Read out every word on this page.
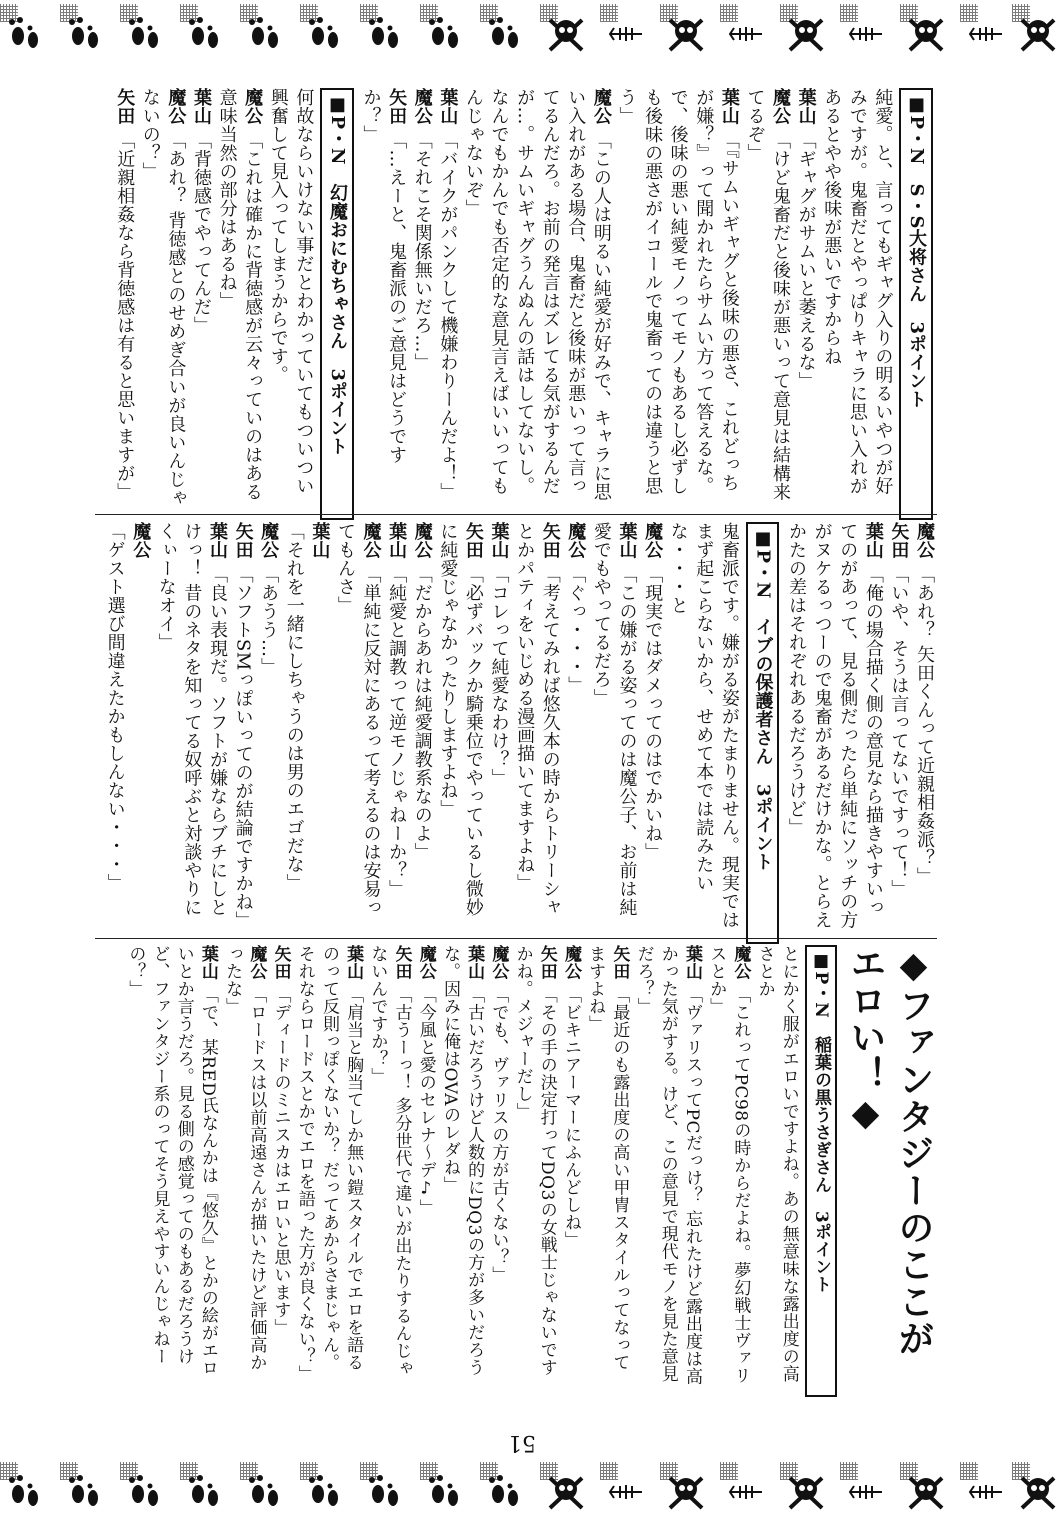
■P・N　S・S大将さん　3ポイント
純愛。と、言ってもギャグ入りの明るいやつが好みですが。鬼畜だとやっぱりキャラに思い入れがあるとやや後味が悪いですからね
葉山「ギャグがサムいと萎えるな」
魔公「けど鬼畜だと後味が悪いって意見は結構来てるぞ」
葉山「『サムいギャグと後味の悪さ、これどっちが嫌？』って聞かれたらサムい方って答えるな。で、後味の悪い純愛モノってモノもあるし必ずしも後味の悪さがイコールで鬼畜ってのは違うと思う」
魔公「この人は明るい純愛が好みで、キャラに思い入れがある場合、鬼畜だと後味が悪いって言ってるんだろ。お前の発言はズレてる気がするんだが…。サムいギャグうんぬんの話はしてないし。なんでもかんでも否定的な意見言えばいいってもんじゃないぞ」
葉山「バイクがパンクして機嫌わりーんだよ！」
魔公「それこそ関係無いだろ…」
矢田「…えーと、鬼畜派のご意見はどうですか？」
■P・N　幻魔おにむちゃさん　3ポイント
何故ならいけない事だとわかっていてもついつい興奮して見入ってしまうからです。
魔公「これは確かに背徳感が云々っていのはある意味当然の部分はあるね」
葉山「背徳感でやってんだ」
魔公「あれ？ 背徳感とのせめぎ合いが良いんじゃないの？」
矢田「近親相姦なら背徳感は有ると思いますが」
魔公「あれ？ 矢田くんって近親相姦派？」
矢田「いや、そうは言ってないですって！」
葉山「俺の場合描く側の意見なら描きやすいってのがあって、見る側だったら単純にソッチの方がヌケるっつーので鬼畜があるだけかな。とらえかたの差はそれぞれあるだろうけど」
■P・N　イブの保護者さん　3ポイント
鬼畜派です。嫌がる姿がたまりません。現実ではまず起こらないから、せめて本では読みたいな・・・と
魔公「現実ではダメってのはでかいね」
葉山「この嫌がる姿ってのは魔公子、お前は純愛でもやってるだろ」
魔公「ぐっ・・・」
矢田「考えてみれば悠久本の時からトリーシャとかパティをいじめる漫画描いてますよね」
葉山「コレって純愛なわけ？」
矢田「必ずバックか騎乗位でやっているし微妙に純愛じゃなかったりしますよね」
魔公「だからあれは純愛調教系なのよ」
葉山「純愛と調教って逆モノじゃねーか？」
魔公「単純に反対にあるって考えるのは安易ってもんさ」
葉山「それを一緒にしちゃうのは男のエゴだな」
魔公「あうう…」
矢田「ソフトSMっぽいってのが結論ですかね」
葉山「良い表現だ。ソフトが嫌ならブチにしとけっ！ 昔のネタを知ってる奴呼ぶと対談やりにくぃーなオイ」
魔公「ゲスト選び間違えたかもしんない・・・」
◆ファンタジーのここがエロい！◆
■P・N　稲葉の黒うさぎさん　3ポイント
とにかく服がエロいですよね。あの無意味な露出度の高さとか
魔公「これってPC98の時からだよね。夢幻戦士ヴァリスとか」
葉山「ヴァリスってPCだっけ？ 忘れたけど露出度は高かった気がする。けど、この意見で現代モノを見た意見だろ？」
矢田「最近のも露出度の高い甲冑スタイルってなってますよね」
魔公「ビキニアーマーにふんどしね」
矢田「その手の決定打ってDQ3の女戦士じゃないですかね。メジャーだし」
魔公「でも、ヴァリスの方が古くない？」
葉山「古いだろうけど人数的にDQ3の方が多いだろうな。因みに俺はOVAのレダね」
魔公「今風と愛のセレナ～デ♪」
矢田「古うーっ！ 多分世代で違いが出たりするんじゃないんですか？」
葉山「肩当と胸当てしか無い鎧スタイルでエロを語るのって反則っぽくないか？ だってあからさまじゃん。それならロードスとかでエロを語った方が良くない？」
矢田「ディードのミニスカはエロいと思います」
魔公「ロードスは以前高遠さんが描いたけど評価高かったな」
葉山「で、某RED氏なんかは『悠久』とかの絵がエロいとか言うだろ。見る側の感覚ってのもあるだろうけど、ファンタジー系のってそう見えやすいんじゃねーの？」
51
